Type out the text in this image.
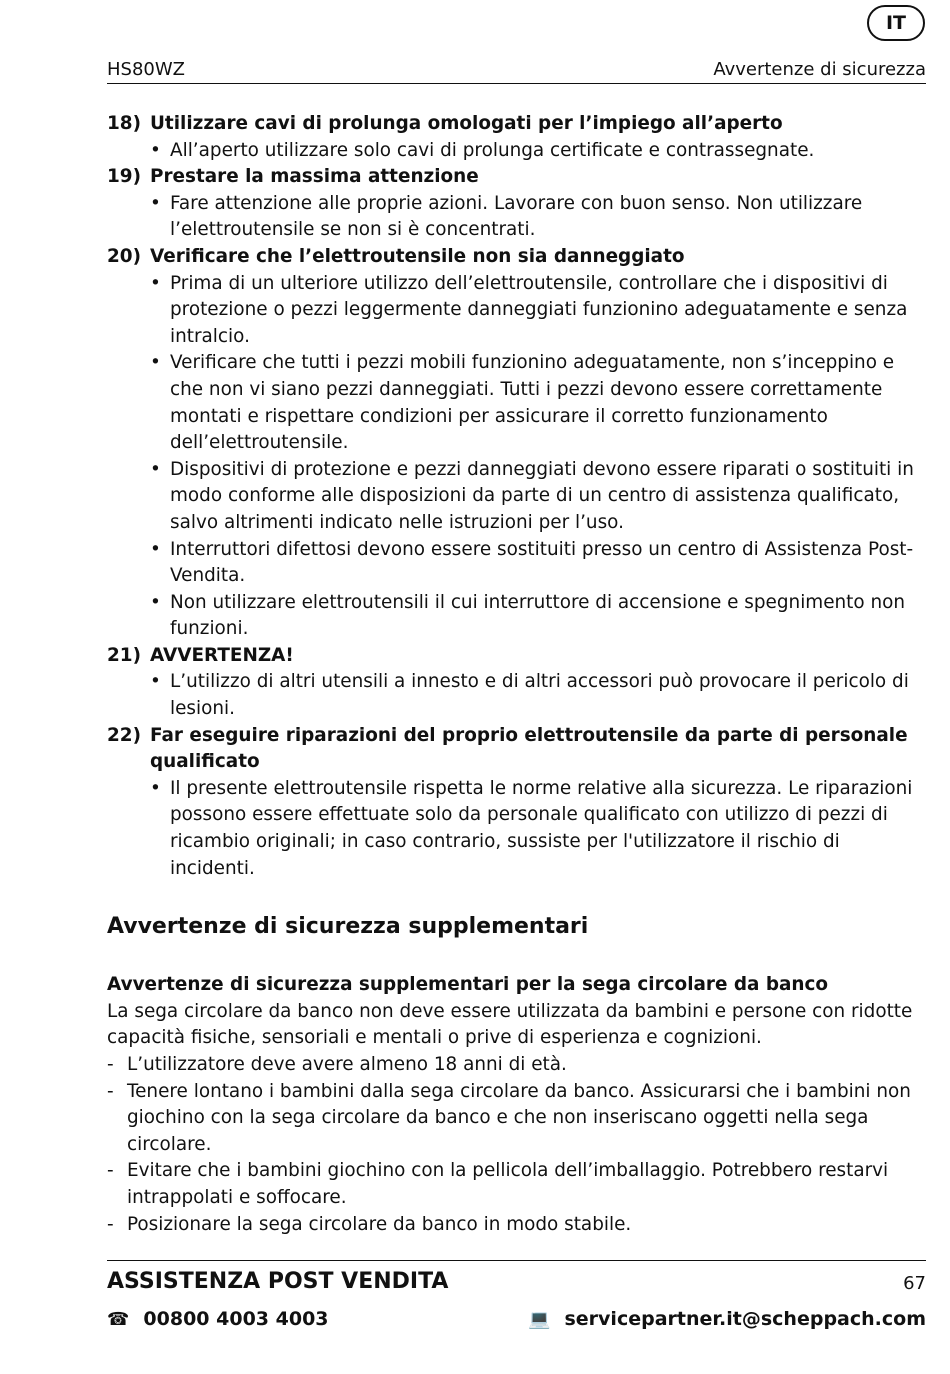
IT
HS80WZ	Avvertenze di sicurezza
18) Utilizzare cavi di prolunga omologati per l’impiego all’aperto
• All’aperto utilizzare solo cavi di prolunga certificate e contrassegnate.
19) Prestare la massima attenzione
• Fare attenzione alle proprie azioni. Lavorare con buon senso. Non utilizzare l’elettroutensile se non si è concentrati.
20) Verificare che l’elettroutensile non sia danneggiato
• Prima di un ulteriore utilizzo dell’elettroutensile, controllare che i dispositivi di protezione o pezzi leggermente danneggiati funzionino adeguatamente e senza intralcio.
• Verificare che tutti i pezzi mobili funzionino adeguatamente, non s’inceppino e che non vi siano pezzi danneggiati. Tutti i pezzi devono essere correttamente montati e rispettare condizioni per assicurare il corretto funzionamento dell’elettroutensile.
• Dispositivi di protezione e pezzi danneggiati devono essere riparati o sostituiti in modo conforme alle disposizioni da parte di un centro di assistenza qualificato, salvo altrimenti indicato nelle istruzioni per l’uso.
• Interruttori difettosi devono essere sostituiti presso un centro di Assistenza Post-Vendita.
• Non utilizzare elettroutensili il cui interruttore di accensione e spegnimento non funzioni.
21) AVVERTENZA!
• L’utilizzo di altri utensili a innesto e di altri accessori può provocare il pericolo di lesioni.
22) Far eseguire riparazioni del proprio elettroutensile da parte di personale qualificato
• Il presente elettroutensile rispetta le norme relative alla sicurezza. Le riparazioni possono essere effettuate solo da personale qualificato con utilizzo di pezzi di ricambio originali; in caso contrario, sussiste per l'utilizzatore il rischio di incidenti.
Avvertenze di sicurezza supplementari
Avvertenze di sicurezza supplementari per la sega circolare da banco
La sega circolare da banco non deve essere utilizzata da bambini e persone con ridotte capacità fisiche, sensoriali e mentali o prive di esperienza e cognizioni.
- L’utilizzatore deve avere almeno 18 anni di età.
- Tenere lontano i bambini dalla sega circolare da banco. Assicurarsi che i bambini non giochino con la sega circolare da banco e che non inseriscano oggetti nella sega circolare.
- Evitare che i bambini giochino con la pellicola dell’imballaggio. Potrebbero restarvi intrappolati e soffocare.
- Posizionare la sega circolare da banco in modo stabile.
ASSISTENZA POST VENDITA	67
☎ 00800 4003 4003	💻 servicepartner.it@scheppach.com
